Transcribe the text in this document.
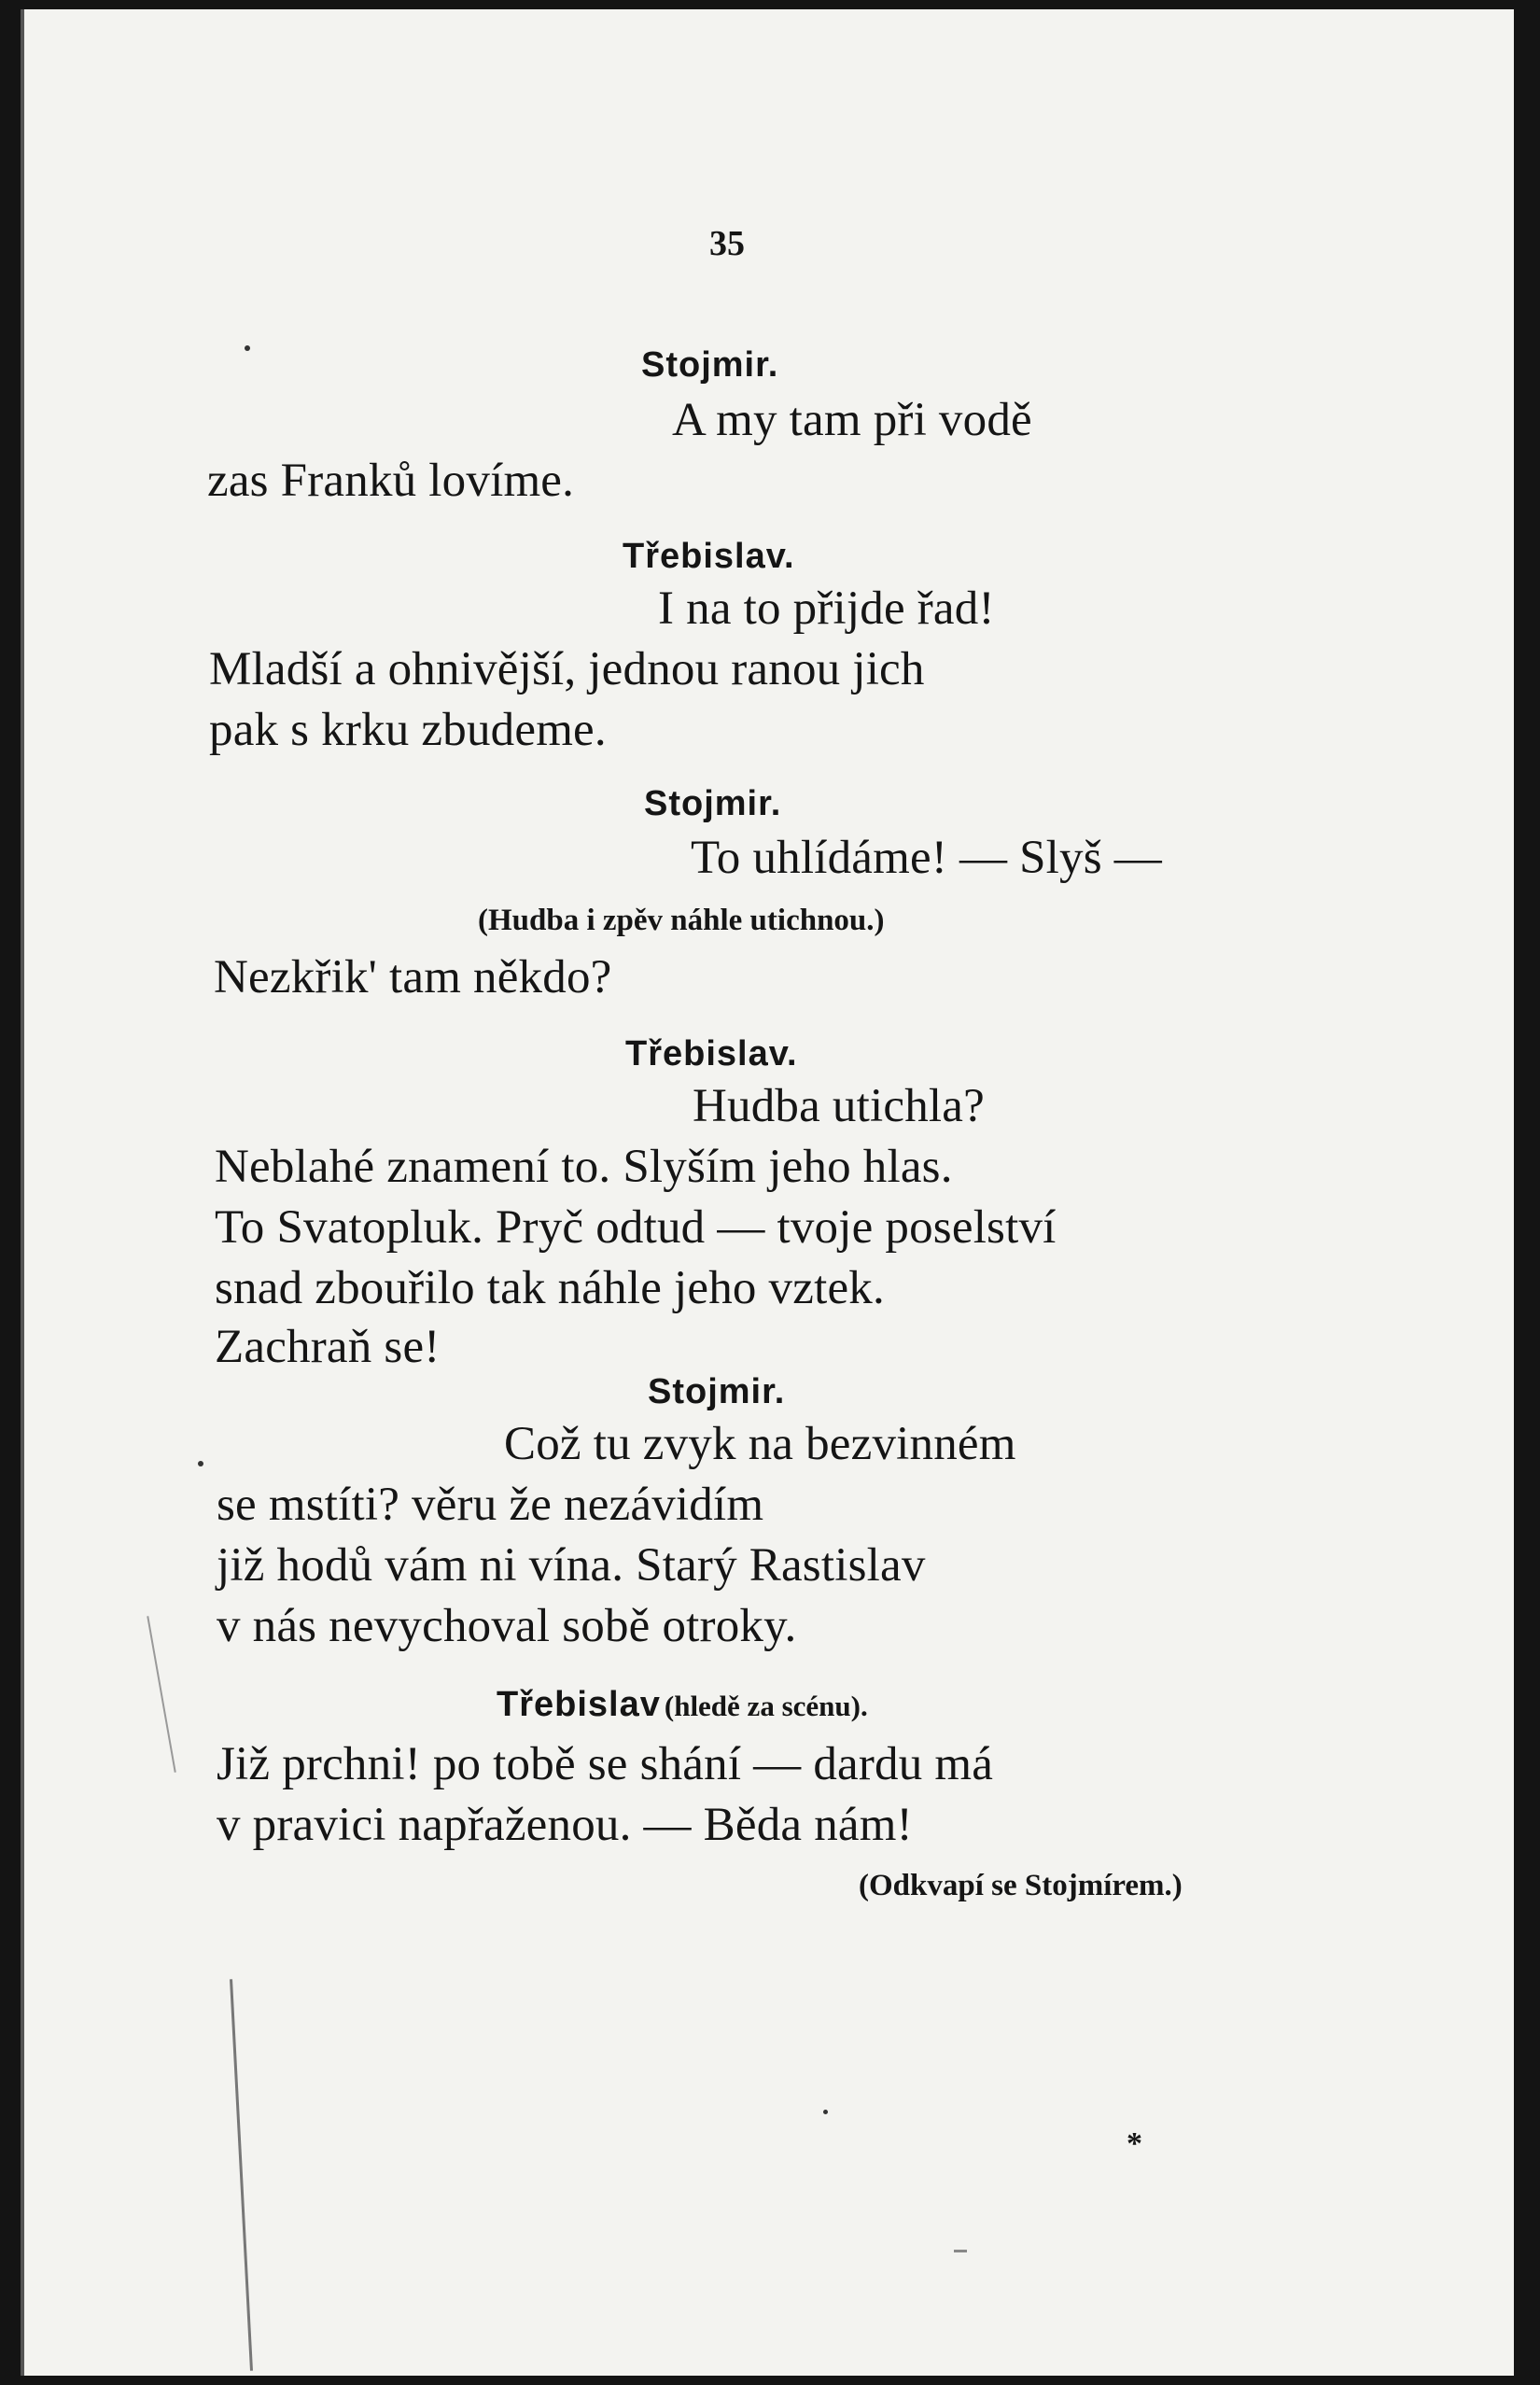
35
Stojmir.
A my tam při vodě
zas Franků lovíme.
Třebislav.
I na to přijde řad!
Mladší a ohnivější, jednou ranou jich
pak s krku zbudeme.
Stojmir.
To uhlídáme! — Slyš —
(Hudba i zpěv náhle utichnou.)
Nezkřik' tam někdo?
Třebislav.
Hudba utichla?
Neblahé znamení to. Slyším jeho hlas.
To Svatopluk. Pryč odtud — tvoje poselství
snad zbouřilo tak náhle jeho vztek.
Zachraň se!
Stojmir.
Což tu zvyk na bezvinném
se mstíti? věru že nezávidím
již hodů vám ni vína. Starý Rastislav
v nás nevychoval sobě otroky.
Třebislav (hledě za scénu).
Již prchni! po tobě se shání — dardu má
v pravici napřaženou. — Běda nám!
(Odkvapí se Stojmírem.)
*
